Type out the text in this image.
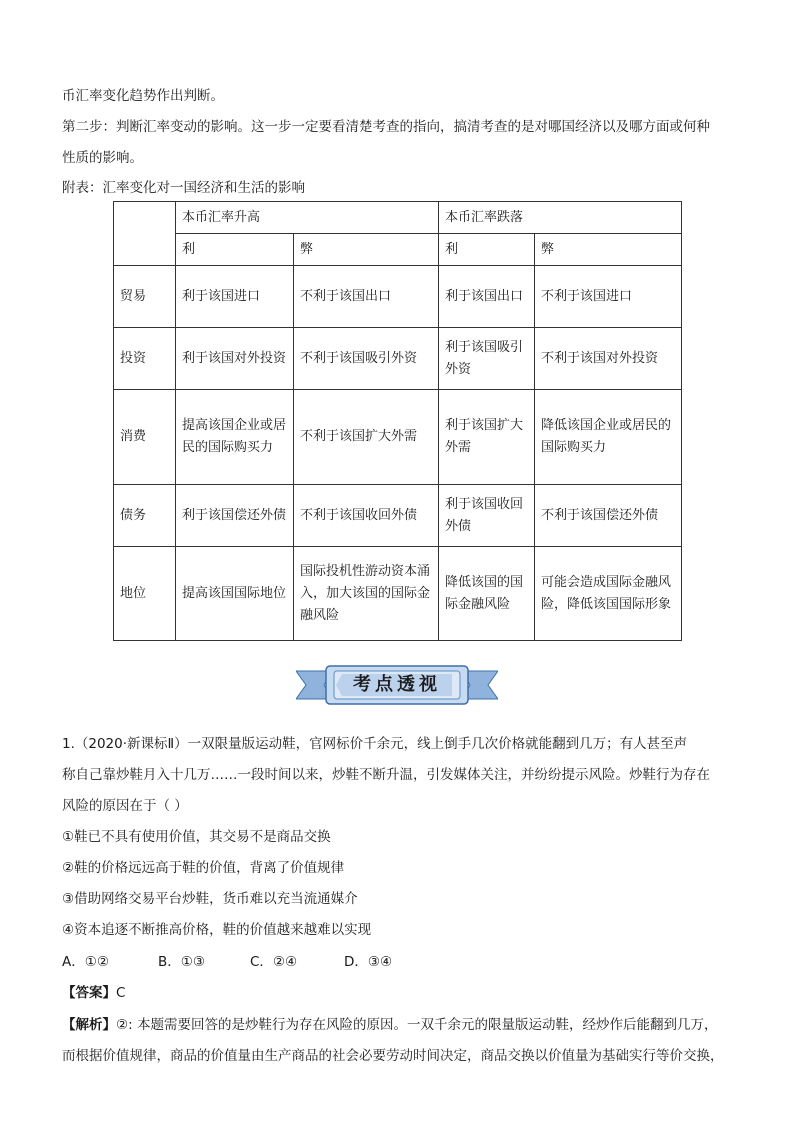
币汇率变化趋势作出判断。
第二步：判断汇率变动的影响。这一步一定要看清楚考查的指向，搞清考查的是对哪国经济以及哪方面或何种
性质的影响。
附表：汇率变化对一国经济和生活的影响
	本币汇率升高		本币汇率跌落	
	利	弊	利	弊
贸易	利于该国进口	不利于该国出口	利于该国出口	不利于该国进口
投资	利于该国对外投资	不利于该国吸引外资	利于该国吸引外资	不利于该国对外投资
消费	提高该国企业或居民的国际购买力	不利于该国扩大外需	利于该国扩大外需	降低该国企业或居民的国际购买力
债务	利于该国偿还外债	不利于该国收回外债	利于该国收回外债	不利于该国偿还外债
地位	提高该国国际地位	国际投机性游动资本涌入，加大该国的国际金融风险	降低该国的国际金融风险	可能会造成国际金融风险，降低该国国际形象
考点透视
1.（2020·新课标Ⅱ）一双限量版运动鞋，官网标价千余元，线上倒手几次价格就能翻到几万；有人甚至声
称自己靠炒鞋月入十几万……一段时间以来，炒鞋不断升温，引发媒体关注，并纷纷提示风险。炒鞋行为存在
风险的原因在于（ ）
①鞋已不具有使用价值，其交易不是商品交换
②鞋的价格远远高于鞋的价值，背离了价值规律
③借助网络交易平台炒鞋，货币难以充当流通媒介
④资本追逐不断推高价格，鞋的价值越来越难以实现
A．①②	B．①③	C．②④	D．③④
【答案】C
【解析】②: 本题需要回答的是炒鞋行为存在风险的原因。一双千余元的限量版运动鞋，经炒作后能翻到几万，
而根据价值规律，商品的价值量由生产商品的社会必要劳动时间决定，商品交换以价值量为基础实行等价交换，
